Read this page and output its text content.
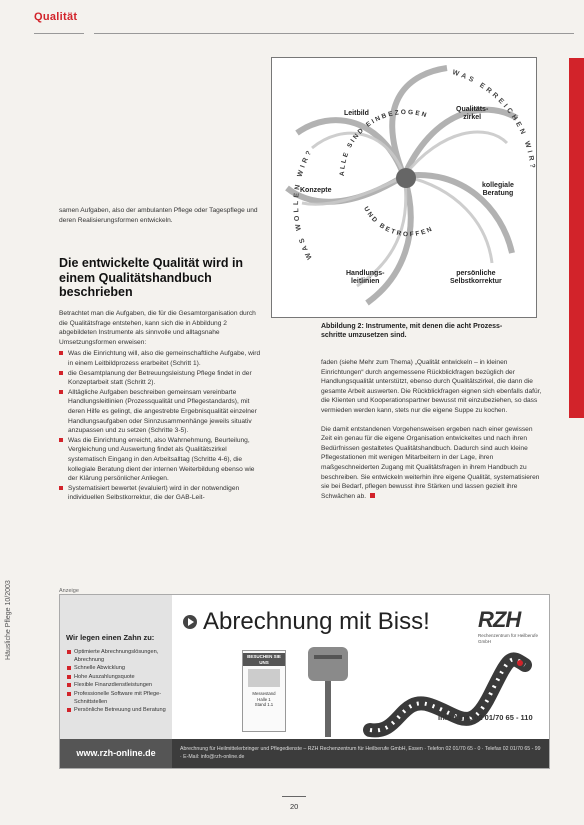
Qualität
WAS WOLLEN WIR?
WAS ERREICHEN WIR?
ALLE SIND EINBEZOGEN
UND BETROFFEN
Leitbild
Qualitäts-
zirkel
Konzepte
kollegiale
Beratung
Handlungs-
leitlinien
persönliche
Selbstkorrektur
Abbildung 2: Instrumente, mit denen die acht Prozess-
schritte umzusetzen sind.

samen Aufgaben, also der ambulanten Pflege oder Tagespflege und deren Realisierungsformen entwickeln.

Die entwickelte Qualität wird in einem Qualitätshandbuch beschrieben

Betrachtet man die Aufgaben, die für die Gesamtorganisation durch die Qualitätsfrage entstehen, kann sich die in Abbildung 2 abgebildeten Instrumente als sinnvolle und alltagsnahe Umsetzungsformen erweisen:

Was die Einrichtung will, also die gemeinschaftliche Aufgabe, wird in einem Leitbildprozess erarbeitet (Schritt 1).
die Gesamtplanung der Betreuungsleistung Pflege findet in der Konzeptarbeit statt (Schritt 2).
Alltägliche Aufgaben beschreiben gemeinsam vereinbarte Handlungsleitlinien (Prozessqualität und Pflegestandards), mit deren Hilfe es gelingt, die angestrebte Ergebnisqualität einzelner Handlungsaufgaben oder Sinnzusammenhänge jeweils situativ anzupassen und zu setzen (Schritte 3-5).
Was die Einrichtung erreicht, also Wahrnehmung, Beurteilung, Vergleichung und Auswertung findet als Qualitätszirkel systematisch Eingang in den Arbeitsalltag (Schritte 4-6), die kollegiale Beratung dient der internen Weiterbildung ebenso wie der Klärung persönlicher Anliegen.
Systematisiert bewertet (evaluiert) wird in der notwendigen individuellen Selbstkorrektur, die der GAB-Leit-

faden (siehe Mehr zum Thema) „Qualität entwickeln – in kleinen Einrichtungen“ durch angemessene Rückblickfragen bezüglich der Handlungsqualität unterstützt, ebenso durch Qualitätszirkel, die dann die gesamte Arbeit auswerten. Die Rückblickfragen eignen sich ebenfalls dafür, die Klienten und Kooperationspartner bewusst mit einzubeziehen, so dass vermieden werden kann, stets nur die eigene Suppe zu kochen.

Die damit entstandenen Vorgehensweisen ergeben nach einer gewissen Zeit ein genau für die eigene Organisation entwickeltes und nach ihren Bedürfnissen gestaltetes Qualitätshandbuch. Dadurch sind auch kleine Pflegestationen mit wenigen Mitarbeitern in der Lage, ihren maßgeschneiderten Zugang mit Qualitätsfragen in ihrem Handbuch zu beschreiben. Sie entwickeln weiterhin ihre eigene Qualität, systematisieren sie bei Bedarf, pflegen bewusst ihre Stärken und lassen gezielt ihre Schwächen ab.

Anzeige
Wir legen einen Zahn zu:
Optimierte Abrechnungslösungen, Abrechnung
Schnelle Abwicklung
Hohe Auszahlungsquote
Flexible Finanzdienstleistungen
Professionelle Software mit Pflege-Schnittstellen
Persönliche Betreuung und Beratung
www.rzh-online.de
Abrechnung mit Biss! RZH
Rechenzentrum für Heilberufe GmbH
BESUCHEN SIE UNS
Messestand
Halle 1
Stand 1.1
Info-Line: 02 01/70 65 - 110
Abrechnung für Heilmittelerbringer und Pflegedienste – RZH Rechenzentrum für Heilberufe GmbH, Essen · Telefon 02 01/70 65 - 0 · Telefax 02 01/70 65 - 99 · E-Mail: info@rzh-online.de
Häusliche Pflege 10/2003
20
